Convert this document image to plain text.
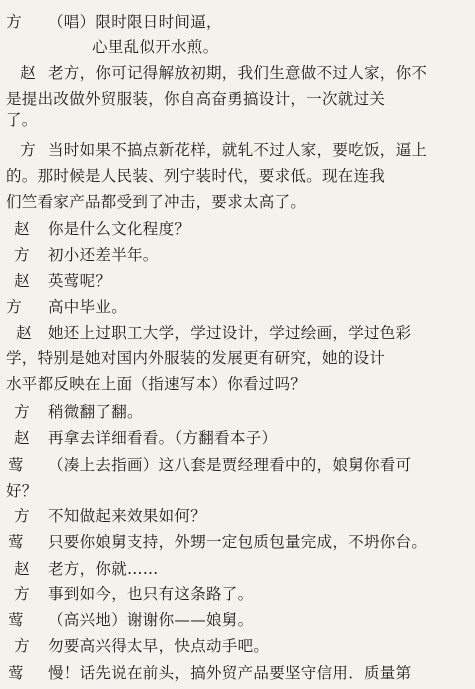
方 （唱）限时限日时间逼，
心里乱似开水煎。
赵 老方，你可记得解放初期，我们生意做不过人家，你不
是提出改做外贸服装，你自高奋勇搞设计，一次就过关
了。
方 当时如果不搞点新花样，就轧不过人家，要吃饭，逼上
的。那时候是人民装、列宁装时代，要求低。现在连我
们竺看家产品都受到了冲击，要求太高了。
赵 你是什么文化程度？
方 初小还差半年。
赵 英莺呢？
方 高中毕业。
赵 她还上过职工大学，学过设计，学过绘画，学过色彩
学，特别是她对国内外服装的发展更有研究，她的设计
水平都反映在上面（指速写本）你看过吗？
方 稍微翻了翻。
赵 再拿去详细看看。（方翻看本子）
莺 （凑上去指画）这八套是贾经理看中的，娘舅你看可
好？
方 不知做起来效果如何？
莺 只要你娘舅支持，外甥一定包质包量完成，不坍你台。
赵 老方，你就……
方 事到如今，也只有这条路了。
莺 （高兴地）谢谢你——娘舅。
方 勿要高兴得太早，快点动手吧。
莺 慢！话先说在前头，搞外贸产品要坚守信用．质量第
